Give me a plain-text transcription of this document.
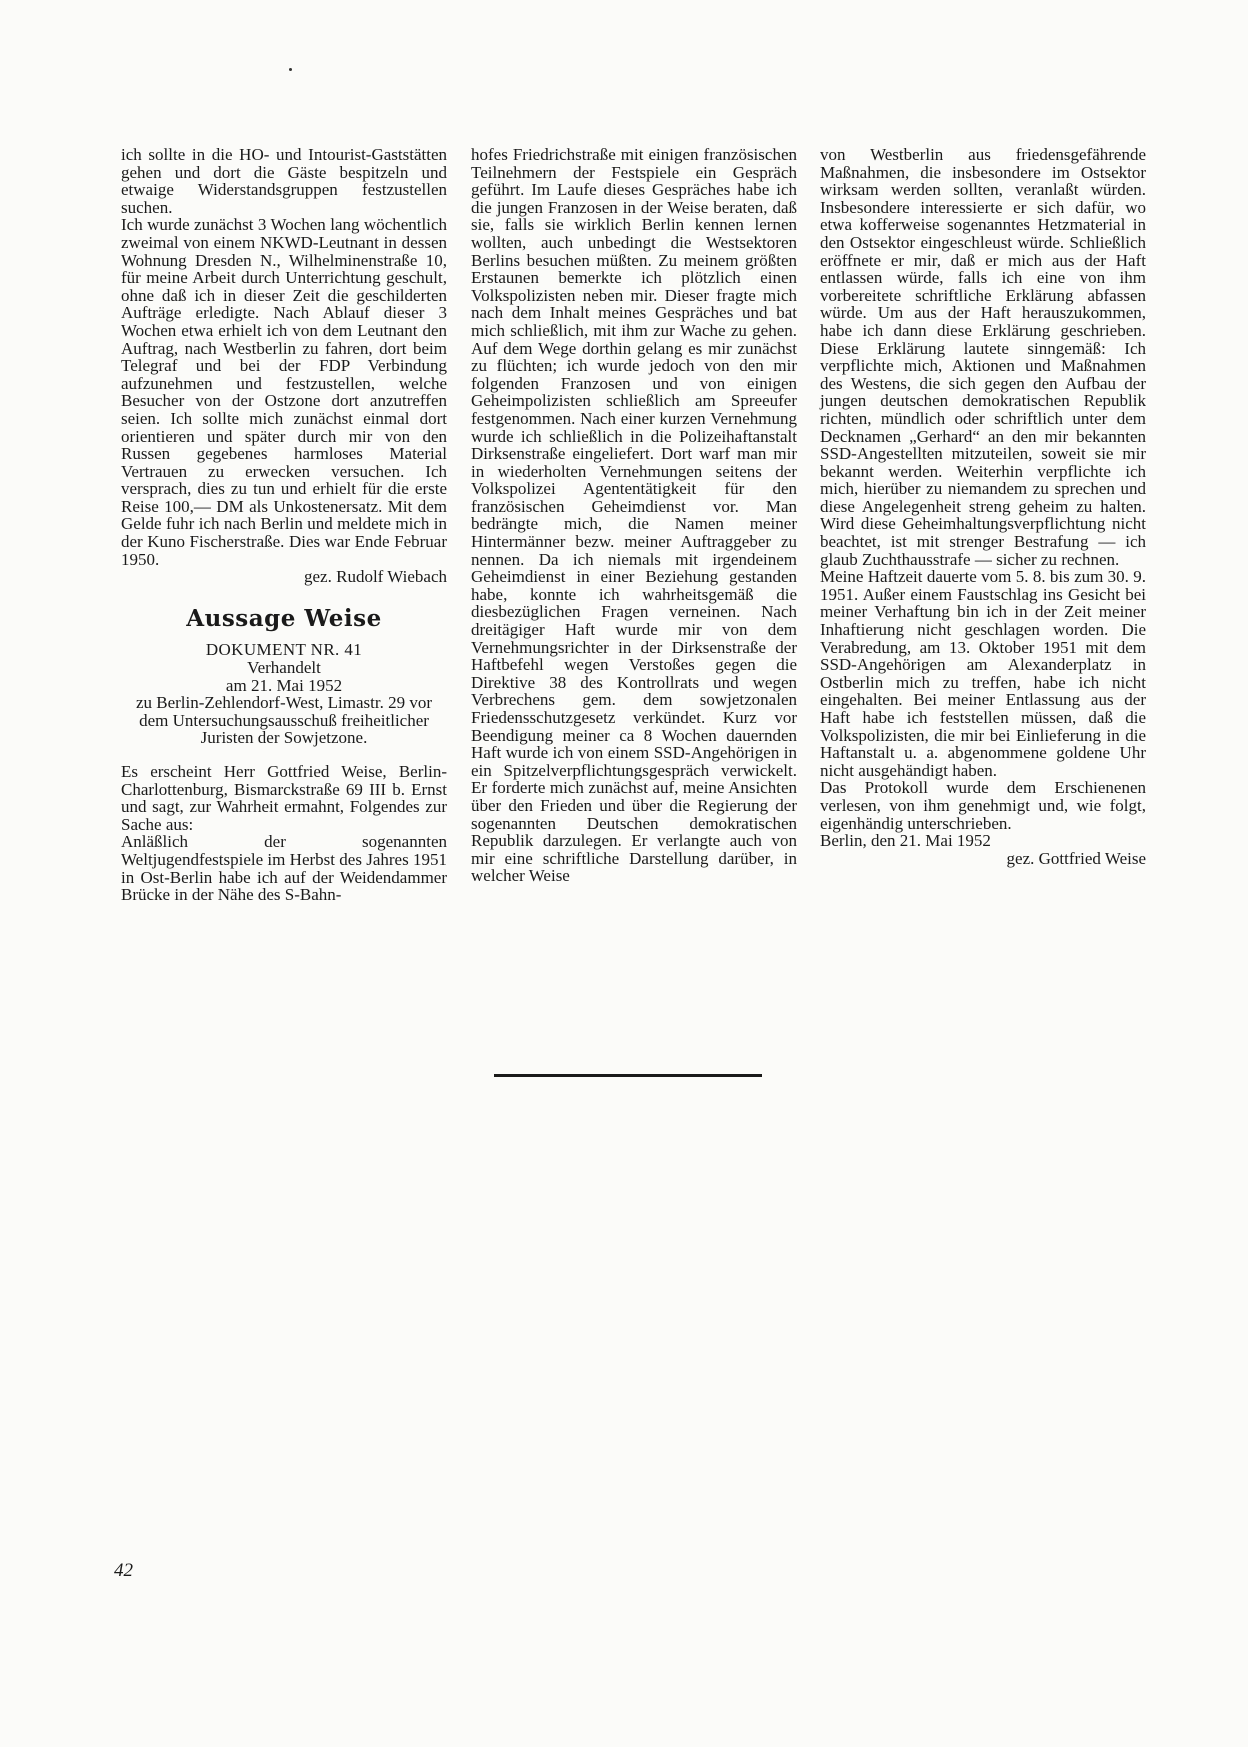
ich sollte in die HO- und Intourist-Gaststätten gehen und dort die Gäste bespitzeln und etwaige Widerstandsgruppen festzustellen suchen.

Ich wurde zunächst 3 Wochen lang wöchentlich zweimal von einem NKWD-Leutnant in dessen Wohnung Dresden N., Wilhelminenstraße 10, für meine Arbeit durch Unterrichtung geschult, ohne daß ich in dieser Zeit die geschilderten Aufträge erledigte. Nach Ablauf dieser 3 Wochen etwa erhielt ich von dem Leutnant den Auftrag, nach Westberlin zu fahren, dort beim Telegraf und bei der FDP Verbindung aufzunehmen und festzustellen, welche Besucher von der Ostzone dort anzutreffen seien. Ich sollte mich zunächst einmal dort orientieren und später durch mir von den Russen gegebenes harmloses Material Vertrauen zu erwecken versuchen. Ich versprach, dies zu tun und erhielt für die erste Reise 100,— DM als Unkostenersatz. Mit dem Gelde fuhr ich nach Berlin und meldete mich in der Kuno Fischerstraße. Dies war Ende Februar 1950.

gez. Rudolf Wiebach

Aussage Weise

DOKUMENT NR. 41

Verhandelt

am 21. Mai 1952

zu Berlin-Zehlendorf-West, Limastr. 29 vor dem Untersuchungsausschuß freiheitlicher Juristen der Sowjetzone.

Es erscheint Herr Gottfried Weise, Berlin-Charlottenburg, Bismarckstraße 69 III b. Ernst und sagt, zur Wahrheit ermahnt, Folgendes zur Sache aus:

Anläßlich der sogenannten Weltjugendfestspiele im Herbst des Jahres 1951 in Ost-Berlin habe ich auf der Weidendammer Brücke in der Nähe des S-Bahn-

hofes Friedrichstraße mit einigen französischen Teilnehmern der Festspiele ein Gespräch geführt. Im Laufe dieses Gespräches habe ich die jungen Franzosen in der Weise beraten, daß sie, falls sie wirklich Berlin kennen lernen wollten, auch unbedingt die Westsektoren Berlins besuchen müßten. Zu meinem größten Erstaunen bemerkte ich plötzlich einen Volkspolizisten neben mir. Dieser fragte mich nach dem Inhalt meines Gespräches und bat mich schließlich, mit ihm zur Wache zu gehen. Auf dem Wege dorthin gelang es mir zunächst zu flüchten; ich wurde jedoch von den mir folgenden Franzosen und von einigen Geheimpolizisten schließlich am Spreeufer festgenommen. Nach einer kurzen Vernehmung wurde ich schließlich in die Polizeihaftanstalt Dirksenstraße eingeliefert. Dort warf man mir in wiederholten Vernehmungen seitens der Volkspolizei Agententätigkeit für den französischen Geheimdienst vor. Man bedrängte mich, die Namen meiner Hintermänner bezw. meiner Auftraggeber zu nennen. Da ich niemals mit irgendeinem Geheimdienst in einer Beziehung gestanden habe, konnte ich wahrheitsgemäß die diesbezüglichen Fragen verneinen. Nach dreitägiger Haft wurde mir von dem Vernehmungsrichter in der Dirksenstraße der Haftbefehl wegen Verstoßes gegen die Direktive 38 des Kontrollrats und wegen Verbrechens gem. dem sowjetzonalen Friedensschutzgesetz verkündet. Kurz vor Beendigung meiner ca 8 Wochen dauernden Haft wurde ich von einem SSD-Angehörigen in ein Spitzelverpflichtungsgespräch verwickelt. Er forderte mich zunächst auf, meine Ansichten über den Frieden und über die Regierung der sogenannten Deutschen demokratischen Republik darzulegen. Er verlangte auch von mir eine schriftliche Darstellung darüber, in welcher Weise

von Westberlin aus friedensgefährende Maßnahmen, die insbesondere im Ostsektor wirksam werden sollten, veranlaßt würden. Insbesondere interessierte er sich dafür, wo etwa kofferweise sogenanntes Hetzmaterial in den Ostsektor eingeschleust würde. Schließlich eröffnete er mir, daß er mich aus der Haft entlassen würde, falls ich eine von ihm vorbereitete schriftliche Erklärung abfassen würde. Um aus der Haft herauszukommen, habe ich dann diese Erklärung geschrieben. Diese Erklärung lautete sinngemäß: Ich verpflichte mich, Aktionen und Maßnahmen des Westens, die sich gegen den Aufbau der jungen deutschen demokratischen Republik richten, mündlich oder schriftlich unter dem Decknamen „Gerhard“ an den mir bekannten SSD-Angestellten mitzuteilen, soweit sie mir bekannt werden. Weiterhin verpflichte ich mich, hierüber zu niemandem zu sprechen und diese Angelegenheit streng geheim zu halten. Wird diese Geheimhaltungsverpflichtung nicht beachtet, ist mit strenger Bestrafung — ich glaub Zuchthausstrafe — sicher zu rechnen.

Meine Haftzeit dauerte vom 5. 8. bis zum 30. 9. 1951. Außer einem Faustschlag ins Gesicht bei meiner Verhaftung bin ich in der Zeit meiner Inhaftierung nicht geschlagen worden. Die Verabredung, am 13. Oktober 1951 mit dem SSD-Angehörigen am Alexanderplatz in Ostberlin mich zu treffen, habe ich nicht eingehalten. Bei meiner Entlassung aus der Haft habe ich feststellen müssen, daß die Volkspolizisten, die mir bei Einlieferung in die Haftanstalt u. a. abgenommene goldene Uhr nicht ausgehändigt haben.

Das Protokoll wurde dem Erschienenen verlesen, von ihm genehmigt und, wie folgt, eigenhändig unterschrieben.

Berlin, den 21. Mai 1952

gez. Gottfried Weise

42
